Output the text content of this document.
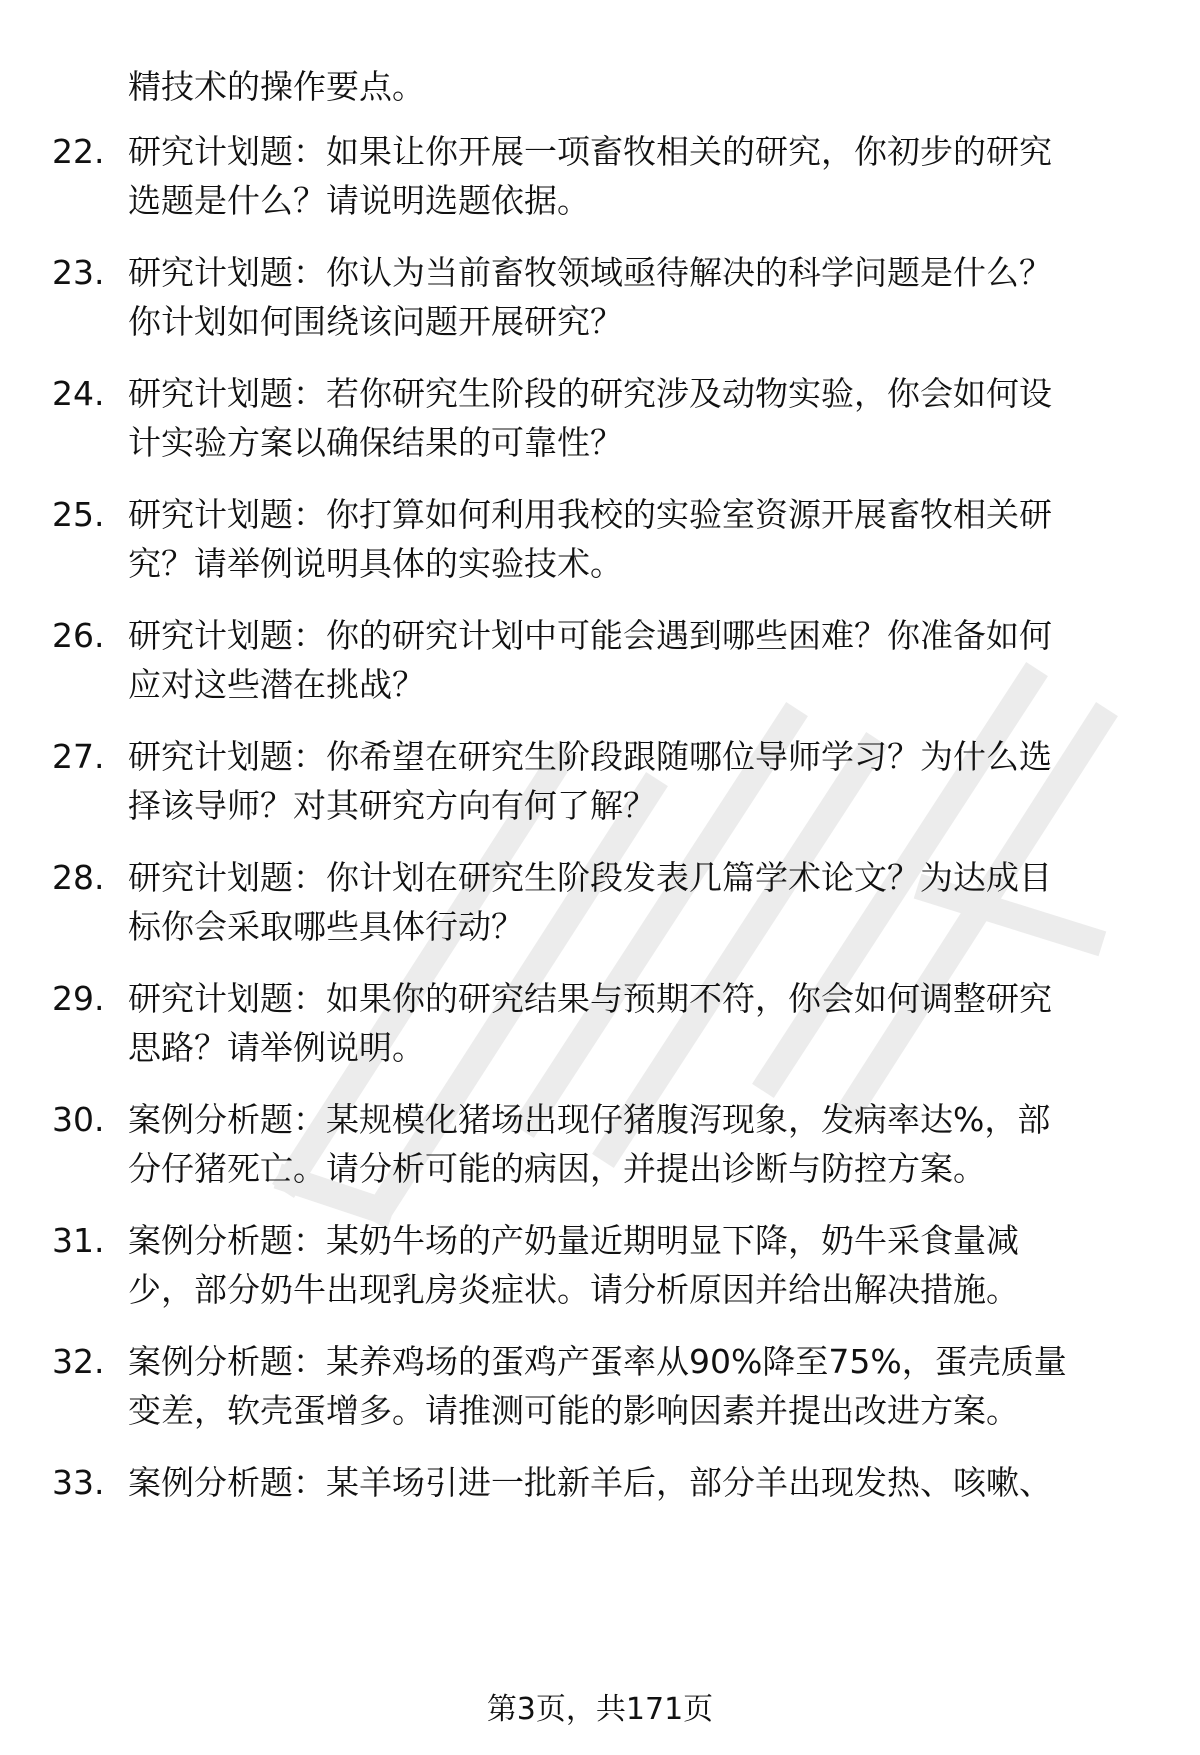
精技术的操作要点。
22. 研究计划题：如果让你开展一项畜牧相关的研究，你初步的研究
选题是什么？请说明选题依据。
23. 研究计划题：你认为当前畜牧领域亟待解决的科学问题是什么？
你计划如何围绕该问题开展研究？
24. 研究计划题：若你研究生阶段的研究涉及动物实验，你会如何设
计实验方案以确保结果的可靠性？
25. 研究计划题：你打算如何利用我校的实验室资源开展畜牧相关研
究？请举例说明具体的实验技术。
26. 研究计划题：你的研究计划中可能会遇到哪些困难？你准备如何
应对这些潜在挑战？
27. 研究计划题：你希望在研究生阶段跟随哪位导师学习？为什么选
择该导师？对其研究方向有何了解？
28. 研究计划题：你计划在研究生阶段发表几篇学术论文？为达成目
标你会采取哪些具体行动？
29. 研究计划题：如果你的研究结果与预期不符，你会如何调整研究
思路？请举例说明。
30. 案例分析题：某规模化猪场出现仔猪腹泻现象，发病率达%，部
分仔猪死亡。请分析可能的病因，并提出诊断与防控方案。
31. 案例分析题：某奶牛场的产奶量近期明显下降，奶牛采食量减
少，部分奶牛出现乳房炎症状。请分析原因并给出解决措施。
32. 案例分析题：某养鸡场的蛋鸡产蛋率从90%降至75%，蛋壳质量
变差，软壳蛋增多。请推测可能的影响因素并提出改进方案。
33. 案例分析题：某羊场引进一批新羊后，部分羊出现发热、咳嗽、
第3页，共171页
